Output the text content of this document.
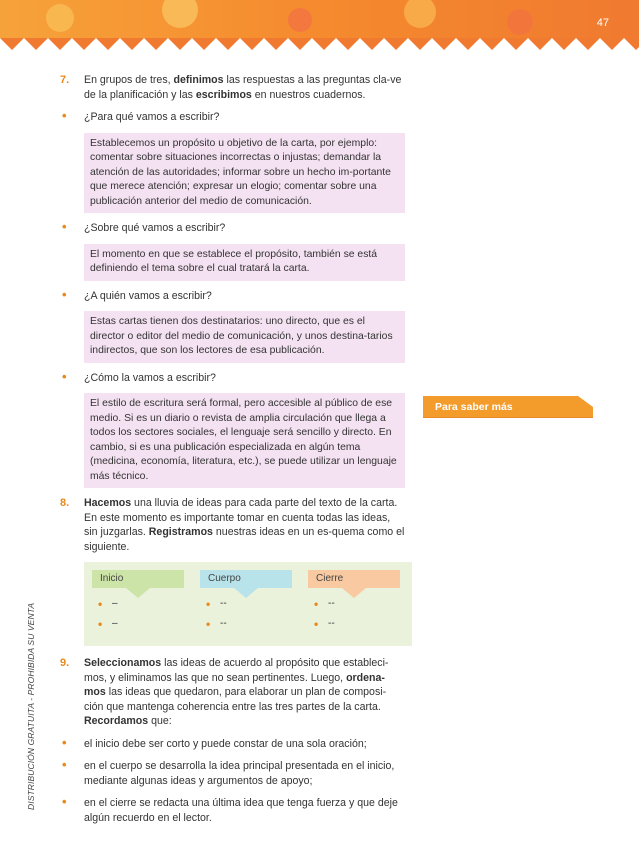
47
DISTRIBUCIÓN GRATUITA - PROHIBIDA SU VENTA
Para saber más
7. En grupos de tres, definimos las respuestas a las preguntas cla-ve de la planificación y las escribimos en nuestros cuadernos.
• ¿Para qué vamos a escribir?
Establecemos un propósito u objetivo de la carta, por ejemplo: comentar sobre situaciones incorrectas o injustas; demandar la atención de las autoridades; informar sobre un hecho im-portante que merece atención; expresar un elogio; comentar sobre una publicación anterior del medio de comunicación.
• ¿Sobre qué vamos a escribir?
El momento en que se establece el propósito, también se está definiendo el tema sobre el cual tratará la carta.
• ¿A quién vamos a escribir?
Estas cartas tienen dos destinatarios: uno directo, que es el director o editor del medio de comunicación, y unos destina-tarios indirectos, que son los lectores de esa publicación.
• ¿Cómo la vamos a escribir?
El estilo de escritura será formal, pero accesible al público de ese medio. Si es un diario o revista de amplia circulación que llega a todos los sectores sociales, el lenguaje será sencillo y directo. En cambio, si es una publicación especializada en algún tema (medicina, economía, literatura, etc.), se puede utilizar un lenguaje más técnico.
8. Hacemos una lluvia de ideas para cada parte del texto de la carta. En este momento es importante tomar en cuenta todas las ideas, sin juzgarlas. Registramos nuestras ideas en un es-quema como el siguiente.
Inicio
• –
• –
Cuerpo
• --
• --
Cierre
• --
• --
9. Seleccionamos las ideas de acuerdo al propósito que estableci-mos, y eliminamos las que no sean pertinentes. Luego, ordena-mos las ideas que quedaron, para elaborar un plan de composi-ción que mantenga coherencia entre las tres partes de la carta. Recordamos que:
• el inicio debe ser corto y puede constar de una sola oración;
• en el cuerpo se desarrolla la idea principal presentada en el inicio, mediante algunas ideas y argumentos de apoyo;
• en el cierre se redacta una última idea que tenga fuerza y que deje algún recuerdo en el lector.
